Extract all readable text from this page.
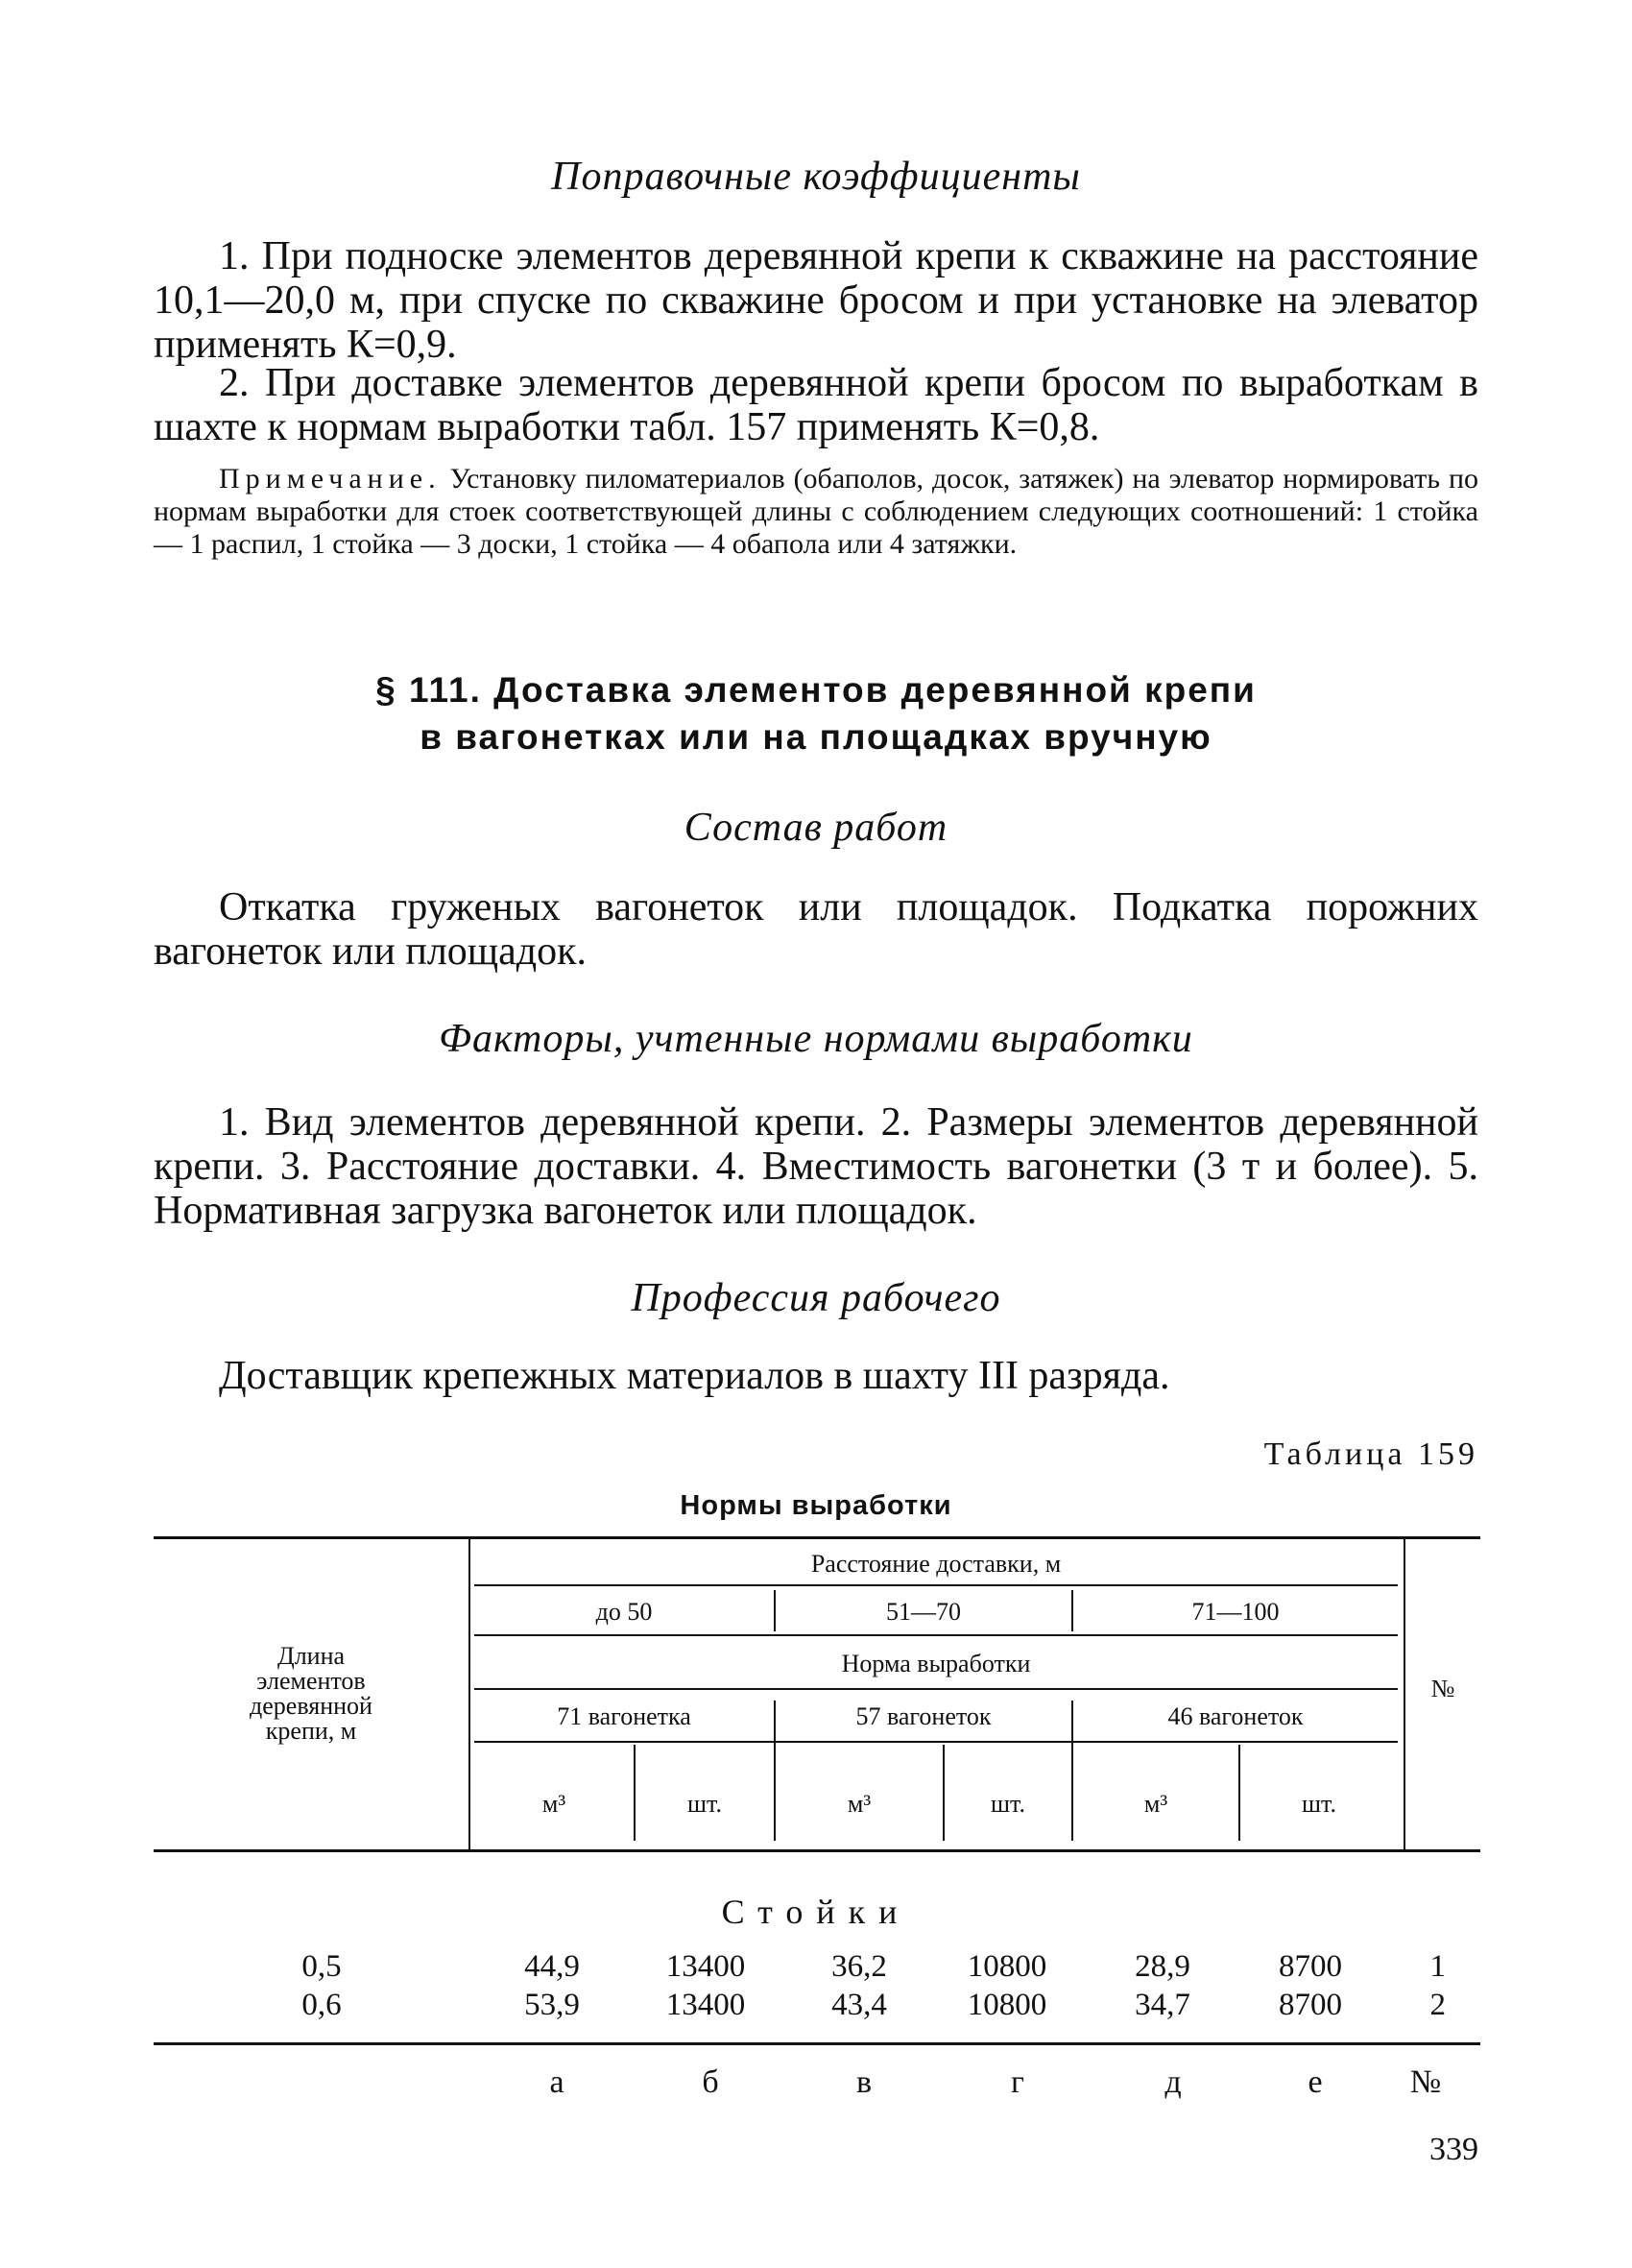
Поправочные коэффициенты
1. При подноске элементов деревянной крепи к скважине на расстояние 10,1—20,0 м, при спуске по скважине бросом и при установке на элеватор применять К=0,9.
2. При доставке элементов деревянной крепи бросом по выработкам в шахте к нормам выработки табл. 157 применять К=0,8.
Примечание. Установку пиломатериалов (обаполов, досок, затяжек) на элеватор нормировать по нормам выработки для стоек соответствующей длины с соблюдением следующих соотношений: 1 стойка — 1 распил, 1 стойка — 3 доски, 1 стойка — 4 обапола или 4 затяжки.
§ 111. Доставка элементов деревянной крепи
в вагонетках или на площадках вручную
Состав работ
Откатка груженых вагонеток или площадок. Подкатка порожних вагонеток или площадок.
Факторы, учтенные нормами выработки
1. Вид элементов деревянной крепи. 2. Размеры элементов деревянной крепи. 3. Расстояние доставки. 4. Вместимость вагонетки (3 т и более). 5. Нормативная загрузка вагонеток или площадок.
Профессия рабочего
Доставщик крепежных материалов в шахту III разряда.
Таблица 159
Нормы выработки
Длина
элементов
деревянной
крепи, м
Расстояние доставки, м
до 50	51—70	71—100
Норма выработки
71 вагонетка	57 вагонеток	46 вагонеток
м³	шт.	м³	шт.	м³	шт.
№
Стойки
0,5	44,9	13400	36,2	10800	28,9	8700	1
0,6	53,9	13400	43,4	10800	34,7	8700	2
а	б	в	г	д	е	№
339
